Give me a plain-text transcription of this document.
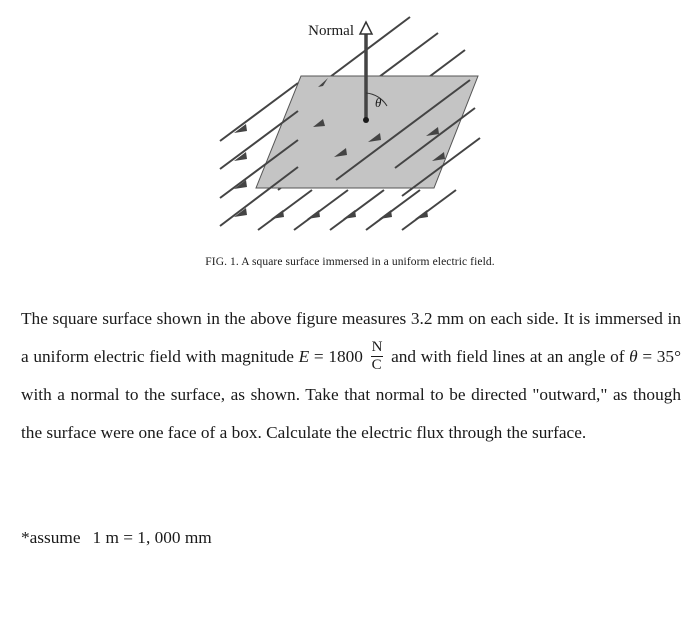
Normal
θ
FIG. 1. A square surface immersed in a uniform electric field.

The square surface shown in the above figure measures 3.2 mm on each side. It is immersed in a uniform electric field with magnitude $E = 1800 \frac{N}{C}$ and with field lines at an angle of θ = 35° with a normal to the surface, as shown. Take that normal to be directed "outward," as though the surface were one face of a box. Calculate the electric flux through the surface.

*assume 1 m = 1, 000 mm
